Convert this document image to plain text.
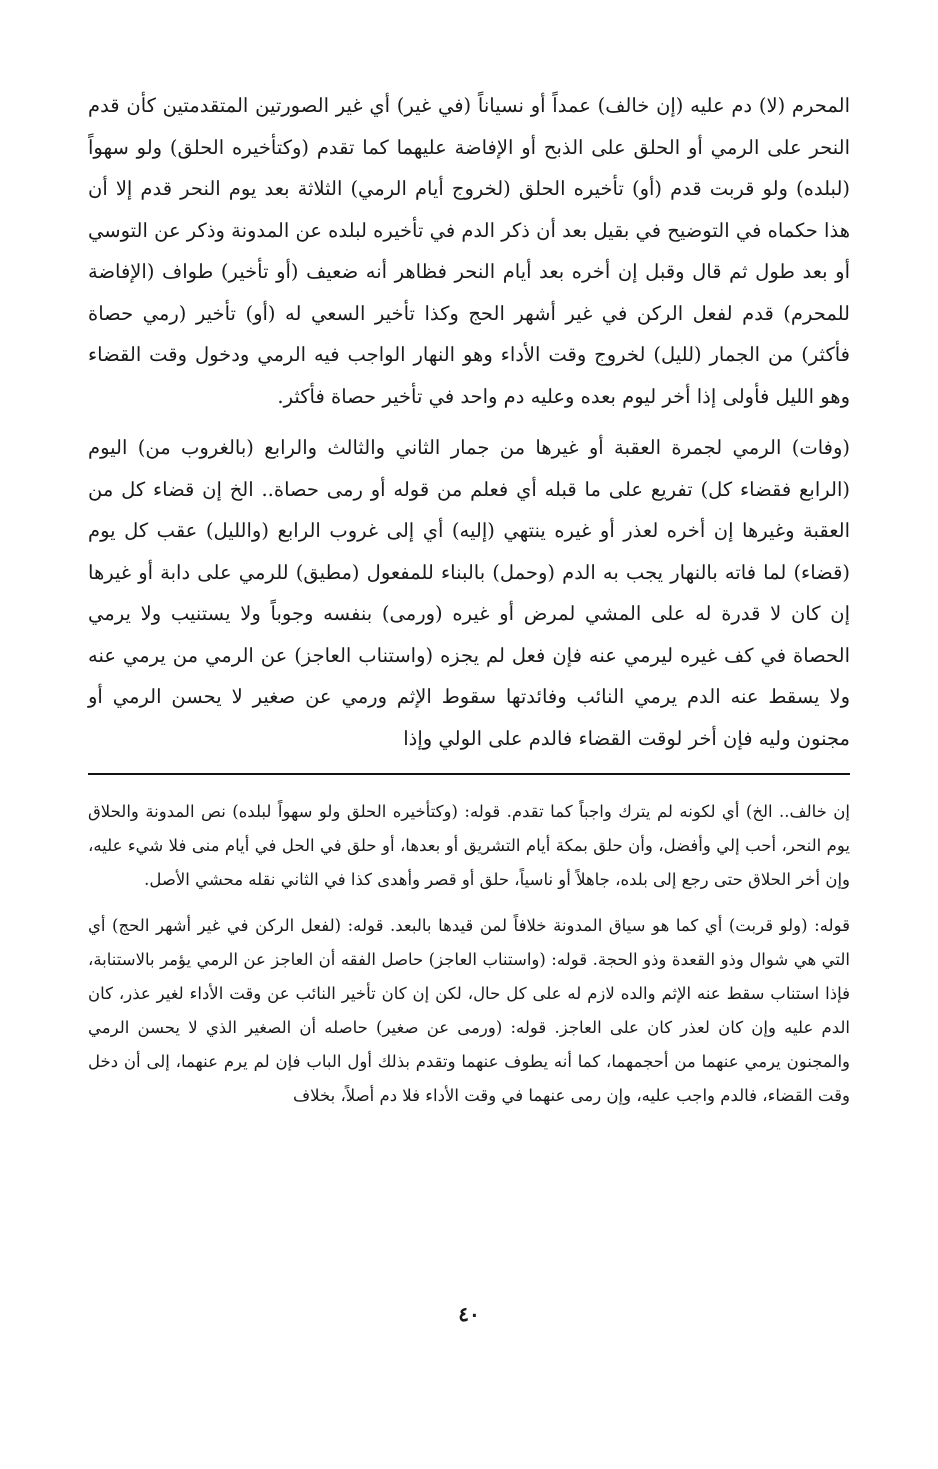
المحرم (لا) دم عليه (إن خالف) عمداً أو نسياناً (في غير) أي غير الصورتين المتقدمتين كأن قدم النحر على الرمي أو الحلق على الذبح أو الإفاضة عليهما كما تقدم (وكتأخيره الحلق) ولو سهواً (لبلده) ولو قربت قدم (أو) تأخيره الحلق (لخروج أيام الرمي) الثلاثة بعد يوم النحر قدم إلا أن هذا حكماه في التوضيح في بقيل بعد أن ذكر الدم في تأخيره لبلده عن المدونة وذكر عن التوسي أو بعد طول ثم قال وقبل إن أخره بعد أيام النحر فظاهر أنه ضعيف (أو تأخير) طواف (الإفاضة للمحرم) قدم لفعل الركن في غير أشهر الحج وكذا تأخير السعي له (أو) تأخير (رمي حصاة فأكثر) من الجمار (لليل) لخروج وقت الأداء وهو النهار الواجب فيه الرمي ودخول وقت القضاء وهو الليل فأولى إذا أخر ليوم بعده وعليه دم واحد في تأخير حصاة فأكثر.

(وفات) الرمي لجمرة العقبة أو غيرها من جمار الثاني والثالث والرابع (بالغروب من) اليوم (الرابع فقضاء كل) تفريع على ما قبله أي فعلم من قوله أو رمى حصاة.. الخ إن قضاء كل من العقبة وغيرها إن أخره لعذر أو غيره ينتهي (إليه) أي إلى غروب الرابع (والليل) عقب كل يوم (قضاء) لما فاته بالنهار يجب به الدم (وحمل) بالبناء للمفعول (مطيق) للرمي على دابة أو غيرها إن كان لا قدرة له على المشي لمرض أو غيره (ورمى) بنفسه وجوباً ولا يستنيب ولا يرمي الحصاة في كف غيره ليرمي عنه فإن فعل لم يجزه (واستناب العاجز) عن الرمي من يرمي عنه ولا يسقط عنه الدم يرمي النائب وفائدتها سقوط الإثم ورمي عن صغير لا يحسن الرمي أو مجنون وليه فإن أخر لوقت القضاء فالدم على الولي وإذا

إن خالف.. الخ) أي لكونه لم يترك واجباً كما تقدم. قوله: (وكتأخيره الحلق ولو سهواً لبلده) نص المدونة والحلاق يوم النحر، أحب إلي وأفضل، وأن حلق بمكة أيام التشريق أو بعدها، أو حلق في الحل في أيام منى فلا شيء عليه، وإن أخر الحلاق حتى رجع إلى بلده، جاهلاً أو ناسياً، حلق أو قصر وأهدى كذا في الثاني نقله محشي الأصل.

قوله: (ولو قربت) أي كما هو سياق المدونة خلافاً لمن قيدها بالبعد. قوله: (لفعل الركن في غير أشهر الحج) أي التي هي شوال وذو القعدة وذو الحجة. قوله: (واستناب العاجز) حاصل الفقه أن العاجز عن الرمي يؤمر بالاستنابة، فإذا استناب سقط عنه الإثم والده لازم له على كل حال، لكن إن كان تأخير النائب عن وقت الأداء لغير عذر، كان الدم عليه وإن كان لعذر كان على العاجز. قوله: (ورمى عن صغير) حاصله أن الصغير الذي لا يحسن الرمي والمجنون يرمي عنهما من أحجمهما، كما أنه يطوف عنهما وتقدم بذلك أول الباب فإن لم يرم عنهما، إلى أن دخل وقت القضاء، فالدم واجب عليه، وإن رمى عنهما في وقت الأداء فلا دم أصلاً، بخلاف

٤٠
